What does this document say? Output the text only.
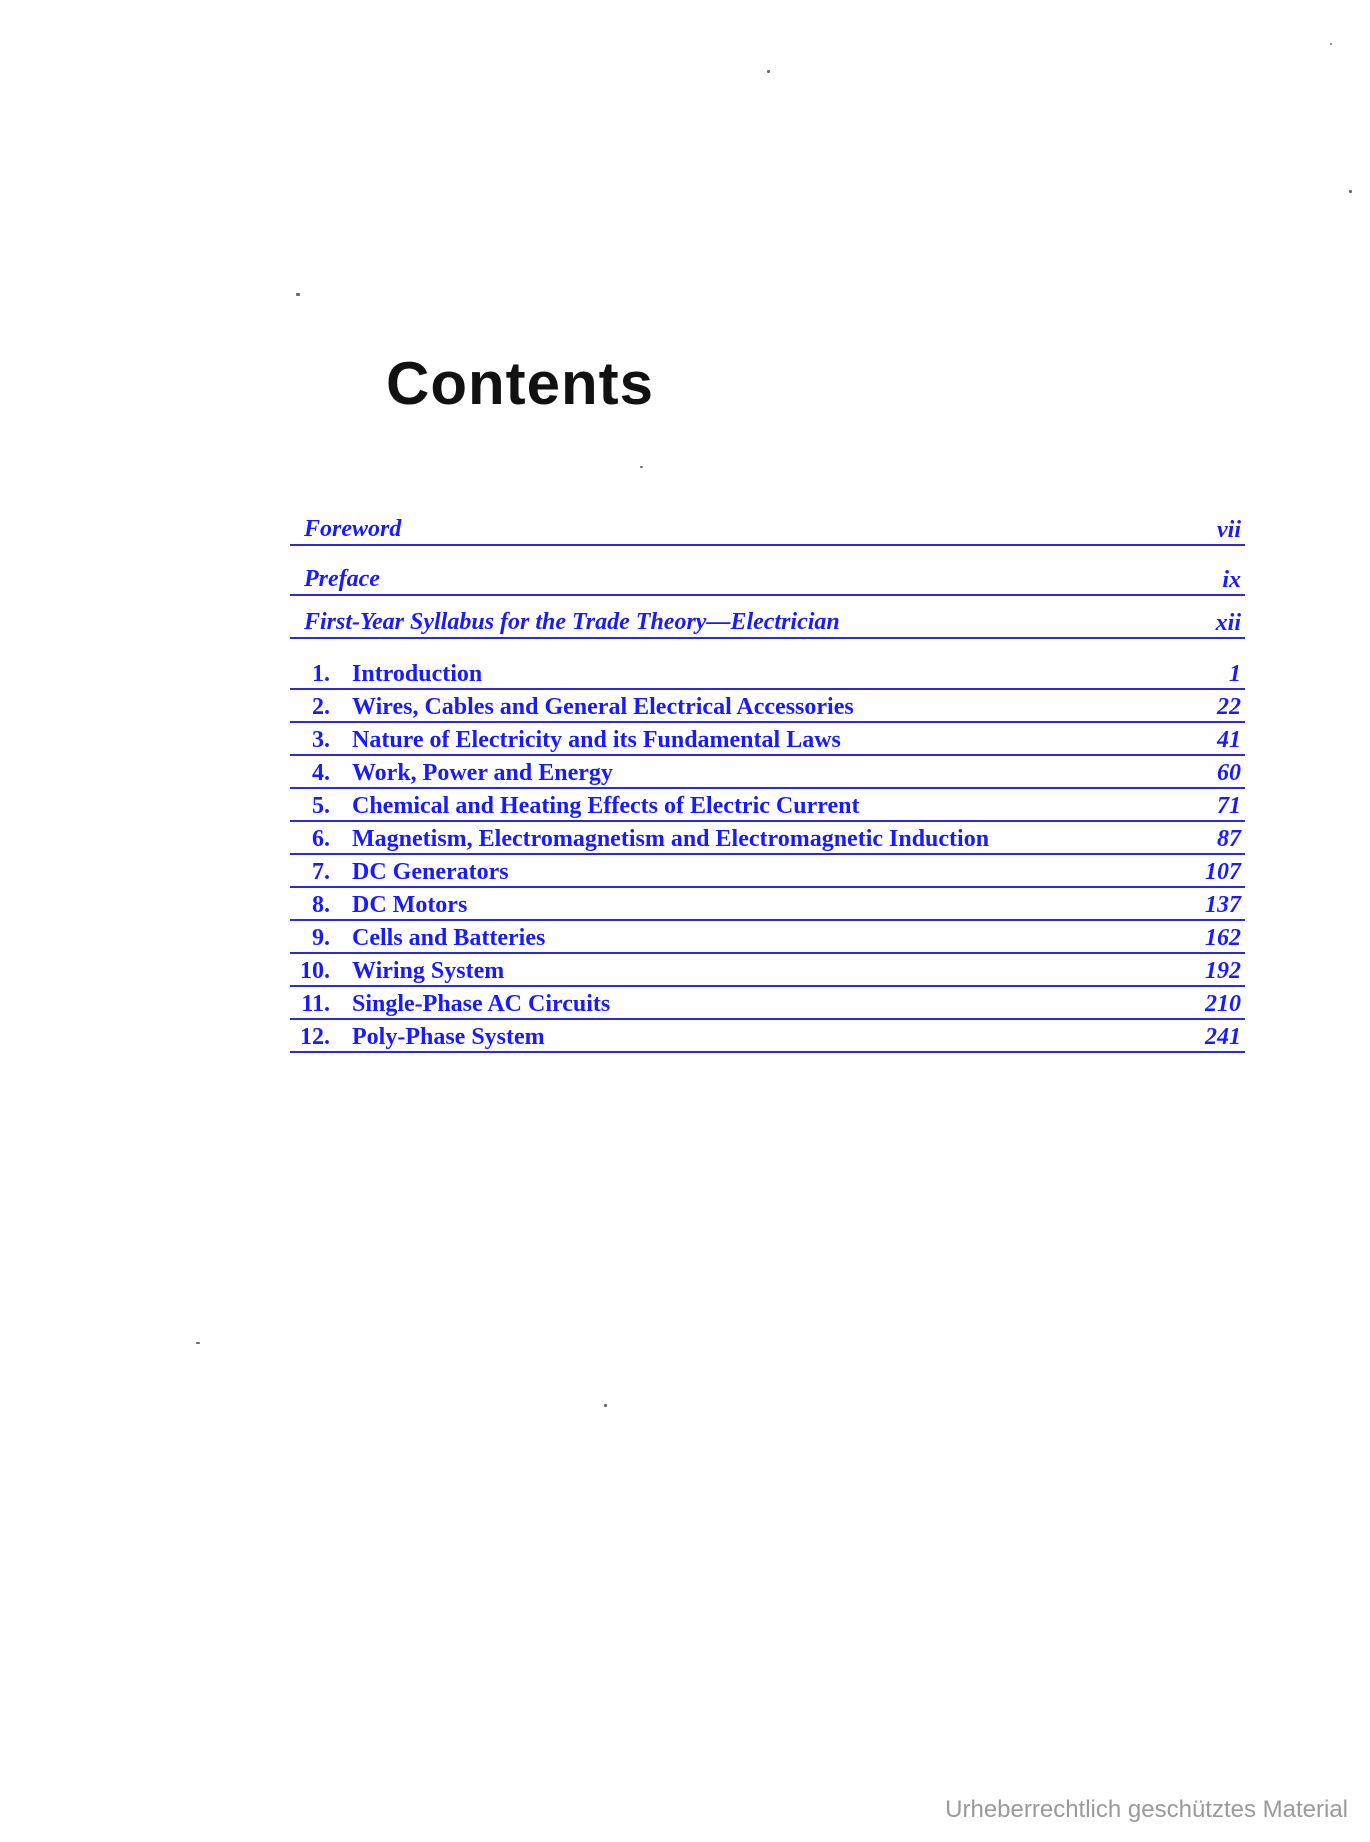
Contents
Foreword	vii
Preface	ix
First-Year Syllabus for the Trade Theory—Electrician	xii
1. Introduction	1
2. Wires, Cables and General Electrical Accessories	22
3. Nature of Electricity and its Fundamental Laws	41
4. Work, Power and Energy	60
5. Chemical and Heating Effects of Electric Current	71
6. Magnetism, Electromagnetism and Electromagnetic Induction	87
7. DC Generators	107
8. DC Motors	137
9. Cells and Batteries	162
10. Wiring System	192
11. Single-Phase AC Circuits	210
12. Poly-Phase System	241
Urheberrechtlich geschütztes Material
